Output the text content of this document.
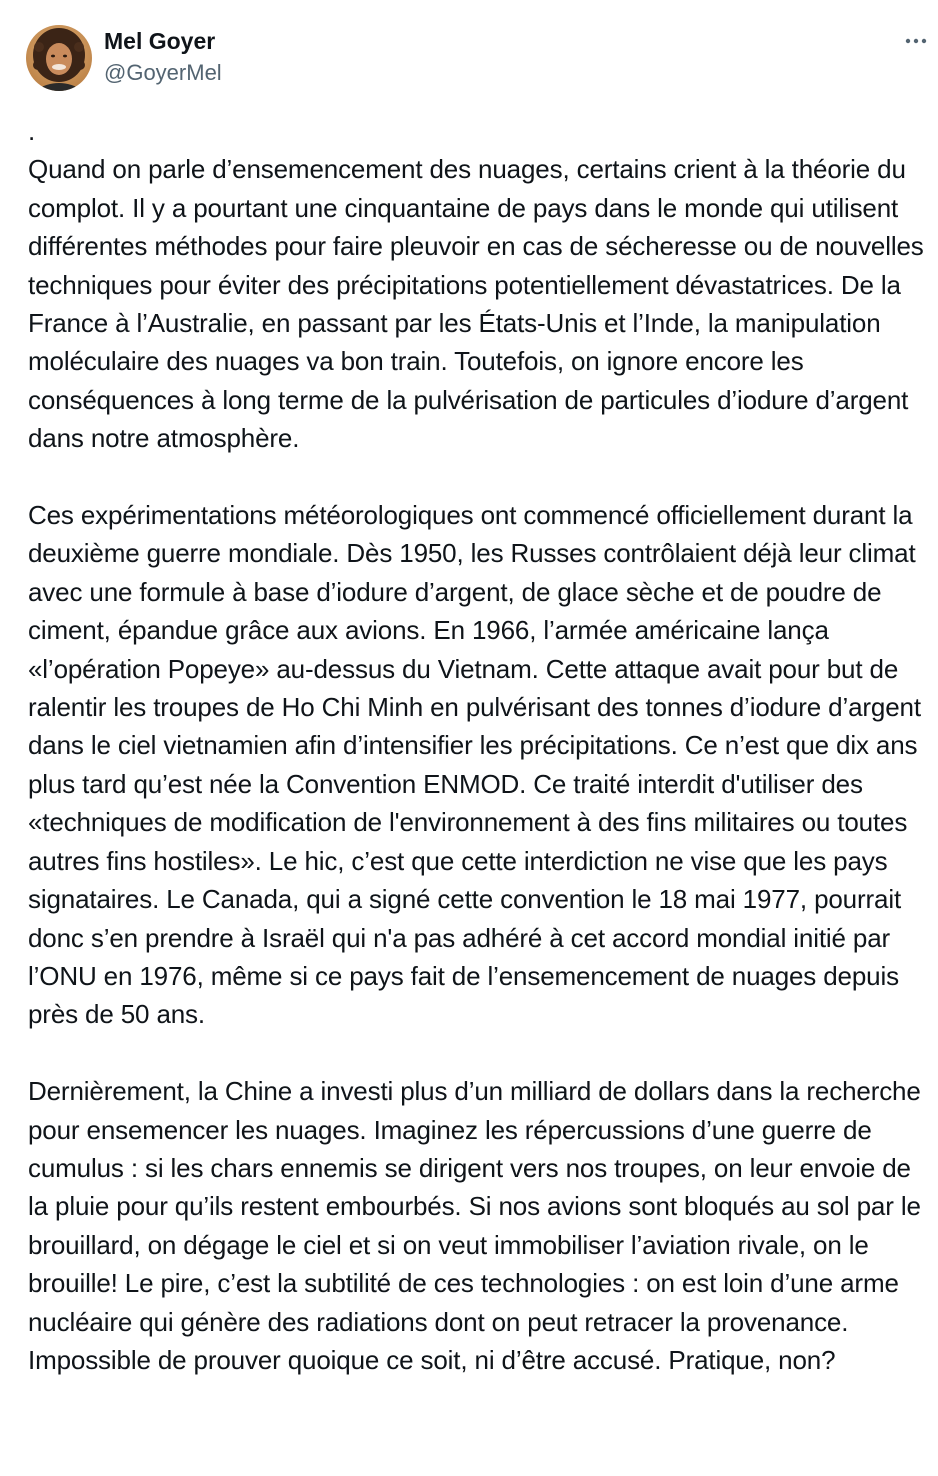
Mel Goyer
@GoyerMel

.

Quand on parle d’ensemencement des nuages, certains crient à la théorie du complot. Il y a pourtant une cinquantaine de pays dans le monde qui utilisent différentes méthodes pour faire pleuvoir en cas de sécheresse ou de nouvelles techniques pour éviter des précipitations potentiellement dévastatrices. De la France à l’Australie, en passant par les États-Unis et l’Inde, la manipulation moléculaire des nuages va bon train. Toutefois, on ignore encore les conséquences à long terme de la pulvérisation de particules d’iodure d’argent dans notre atmosphère.

Ces expérimentations météorologiques ont commencé officiellement durant la deuxième guerre mondiale. Dès 1950, les Russes contrôlaient déjà leur climat avec une formule à base d’iodure d’argent, de glace sèche et de poudre de ciment, épandue grâce aux avions. En 1966, l’armée américaine lança «l’opération Popeye» au-dessus du Vietnam. Cette attaque avait pour but de ralentir les troupes de Ho Chi Minh en pulvérisant des tonnes d’iodure d’argent dans le ciel vietnamien afin d’intensifier les précipitations. Ce n’est que dix ans plus tard qu’est née la Convention ENMOD. Ce traité interdit d'utiliser des «techniques de modification de l'environnement à des fins militaires ou toutes autres fins hostiles». Le hic, c’est que cette interdiction ne vise que les pays signataires. Le Canada, qui a signé cette convention le 18 mai 1977, pourrait donc s’en prendre à Israël qui n'a pas adhéré à cet accord mondial initié par l’ONU en 1976, même si ce pays fait de l’ensemencement de nuages depuis près de 50 ans.

Dernièrement, la Chine a investi plus d’un milliard de dollars dans la recherche pour ensemencer les nuages. Imaginez les répercussions d’une guerre de cumulus : si les chars ennemis se dirigent vers nos troupes, on leur envoie de la pluie pour qu’ils restent embourbés. Si nos avions sont bloqués au sol par le brouillard, on dégage le ciel et si on veut immobiliser l’aviation rivale, on le brouille! Le pire, c’est la subtilité de ces technologies : on est loin d’une arme nucléaire qui génère des radiations dont on peut retracer la provenance. Impossible de prouver quoique ce soit, ni d’être accusé. Pratique, non?
